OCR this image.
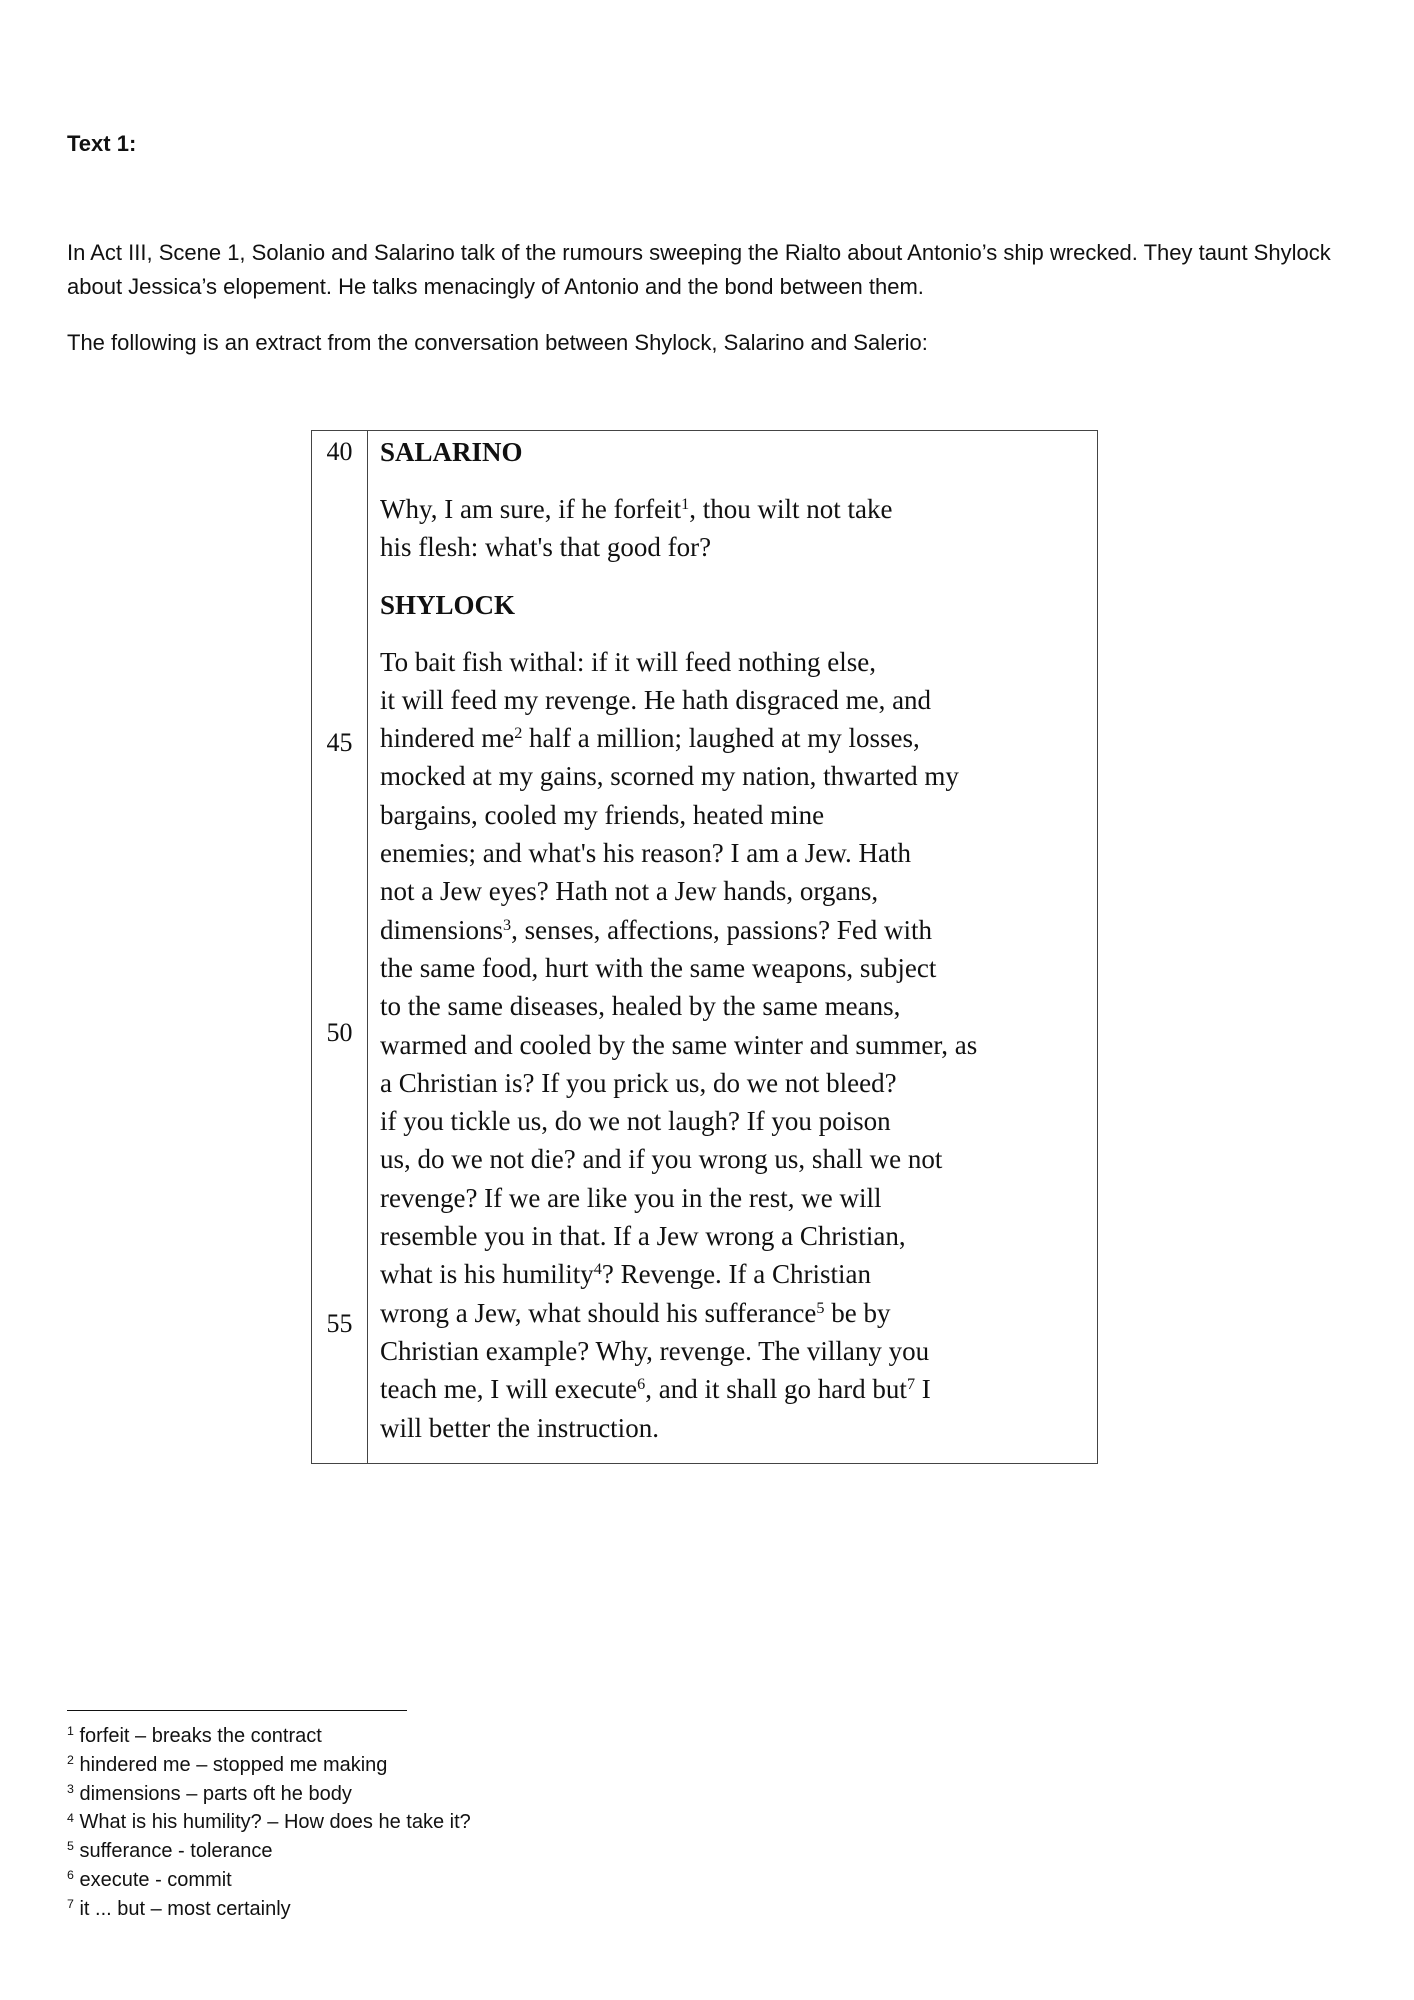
Text 1:

In Act III, Scene 1, Solanio and Salarino talk of the rumours sweeping the Rialto about Antonio’s ship wrecked. They taunt Shylock about Jessica’s elopement. He talks menacingly of Antonio and the bond between them.

The following is an extract from the conversation between Shylock, Salarino and Salerio:

40
45
50
55

SALARINO

Why, I am sure, if he forfeit$^1$, thou wilt not take
his flesh: what's that good for?

SHYLOCK

To bait fish withal: if it will feed nothing else,
it will feed my revenge. He hath disgraced me, and
hindered $me^2$ half a million; laughed at my losses,
mocked at my gains, scorned my nation, thwarted my
bargains, cooled my friends, heated mine
enemies; and what's his reason? I am a Jew. Hath
not a Jew eyes? Hath not a Jew hands, organs,
dimensions$^3$, senses, affections, passions? Fed with
the same food, hurt with the same weapons, subject
to the same diseases, healed by the same means,
warmed and cooled by the same winter and summer, as
a Christian is? If you prick us, do we not bleed?
if you tickle us, do we not laugh? If you poison
us, do we not die? and if you wrong us, shall we not
revenge? If we are like you in the rest, we will
resemble you in that. If a Jew wrong a Christian,
what is his humility$^4$? Revenge. If a Christian
wrong a Jew, what should his sufferance$^5$ be by
Christian example? Why, revenge. The villany you
teach me, I will execute$^6$, and it shall go hard but$^7$ I
will better the instruction.
$^1$ forfeit – breaks the contract
$^2$ hindered me – stopped me making
$^3$ dimensions – parts oft he body
$^4$ What is his humility? – How does he take it?
$^5$ sufferance - tolerance
$^6$ execute - commit
$^7$ it ... but – most certainly
